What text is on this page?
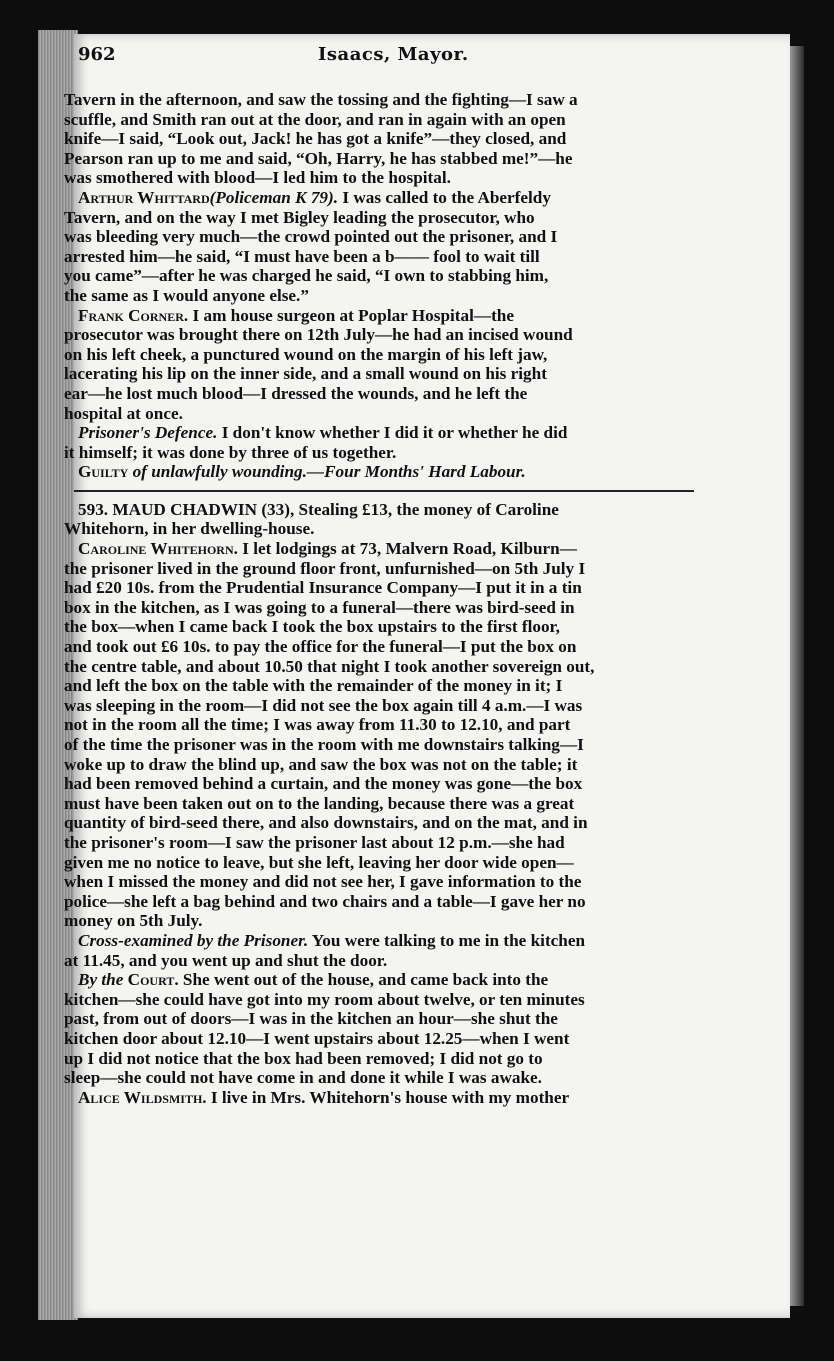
962	Isaacs, Mayor.
Tavern in the afternoon, and saw the tossing and the fighting—I saw a
scuffle, and Smith ran out at the door, and ran in again with an open
knife—I said, “Look out, Jack! he has got a knife”—they closed, and
Pearson ran up to me and said, “Oh, Harry, he has stabbed me!”—he
was smothered with blood—I led him to the hospital.
Arthur Whittard(Policeman K 79). I was called to the Aberfeldy
Tavern, and on the way I met Bigley leading the prosecutor, who
was bleeding very much—the crowd pointed out the prisoner, and I
arrested him—he said, “I must have been a b—— fool to wait till
you came”—after he was charged he said, “I own to stabbing him,
the same as I would anyone else.”
Frank Corner. I am house surgeon at Poplar Hospital—the
prosecutor was brought there on 12th July—he had an incised wound
on his left cheek, a punctured wound on the margin of his left jaw,
lacerating his lip on the inner side, and a small wound on his right
ear—he lost much blood—I dressed the wounds, and he left the
hospital at once.
Prisoner's Defence. I don't know whether I did it or whether he did
it himself; it was done by three of us together.
Guilty of unlawfully wounding.—Four Months' Hard Labour.
593. MAUD CHADWIN (33), Stealing £13, the money of Caroline
Whitehorn, in her dwelling-house.
Caroline Whitehorn. I let lodgings at 73, Malvern Road, Kilburn—
the prisoner lived in the ground floor front, unfurnished—on 5th July I
had £20 10s. from the Prudential Insurance Company—I put it in a tin
box in the kitchen, as I was going to a funeral—there was bird-seed in
the box—when I came back I took the box upstairs to the first floor,
and took out £6 10s. to pay the office for the funeral—I put the box on
the centre table, and about 10.50 that night I took another sovereign out,
and left the box on the table with the remainder of the money in it; I
was sleeping in the room—I did not see the box again till 4 a.m.—I was
not in the room all the time; I was away from 11.30 to 12.10, and part
of the time the prisoner was in the room with me downstairs talking—I
woke up to draw the blind up, and saw the box was not on the table; it
had been removed behind a curtain, and the money was gone—the box
must have been taken out on to the landing, because there was a great
quantity of bird-seed there, and also downstairs, and on the mat, and in
the prisoner's room—I saw the prisoner last about 12 p.m.—she had
given me no notice to leave, but she left, leaving her door wide open—
when I missed the money and did not see her, I gave information to the
police—she left a bag behind and two chairs and a table—I gave her no
money on 5th July.
Cross-examined by the Prisoner. You were talking to me in the kitchen
at 11.45, and you went up and shut the door.
By the Court. She went out of the house, and came back into the
kitchen—she could have got into my room about twelve, or ten minutes
past, from out of doors—I was in the kitchen an hour—she shut the
kitchen door about 12.10—I went upstairs about 12.25—when I went
up I did not notice that the box had been removed; I did not go to
sleep—she could not have come in and done it while I was awake.
Alice Wildsmith. I live in Mrs. Whitehorn's house with my mother
